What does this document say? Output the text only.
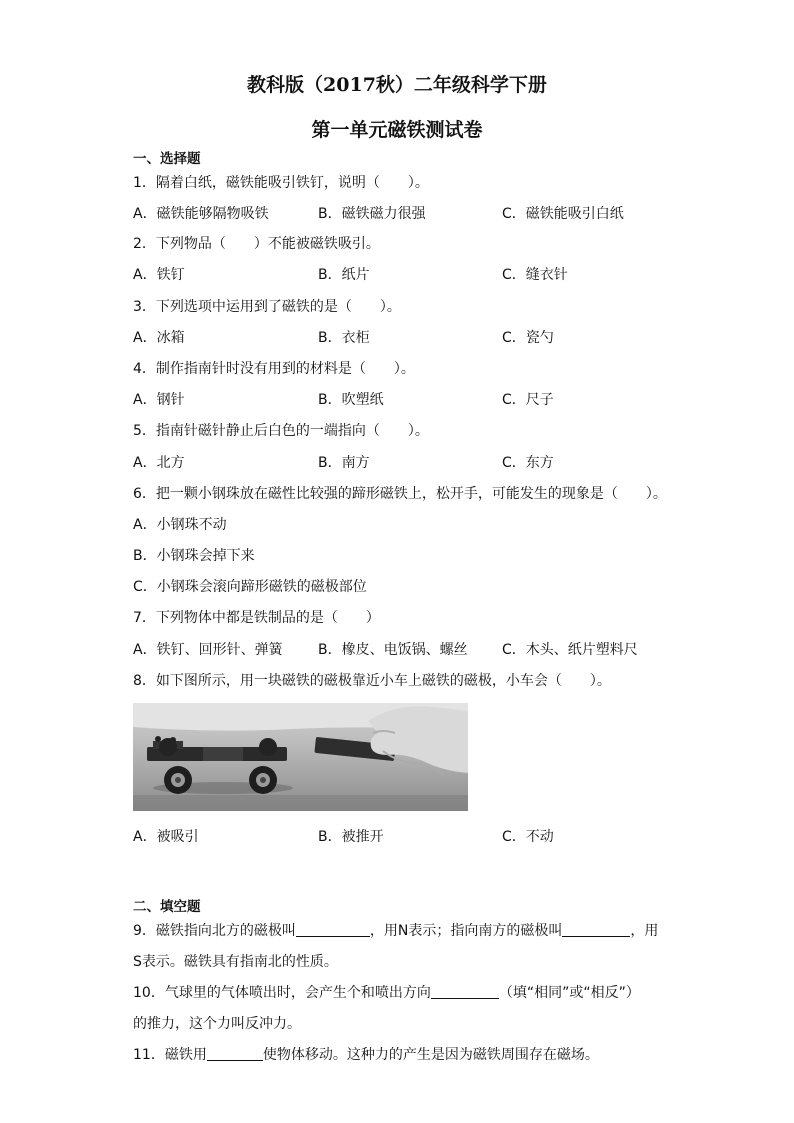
教科版（2017秋）二年级科学下册
第一单元磁铁测试卷
一、选择题
1．隔着白纸，磁铁能吸引铁钉，说明（　　）。
A．磁铁能够隔物吸铁	B．磁铁磁力很强	C．磁铁能吸引白纸
2．下列物品（　　）不能被磁铁吸引。
A．铁钉	B．纸片	C．缝衣针
3．下列选项中运用到了磁铁的是（　　）。
A．冰箱	B．衣柜	C．瓷勺
4．制作指南针时没有用到的材料是（　　）。
A．钢针	B．吹塑纸	C．尺子
5．指南针磁针静止后白色的一端指向（　　）。
A．北方	B．南方	C．东方
6．把一颗小钢珠放在磁性比较强的蹄形磁铁上，松开手，可能发生的现象是（　　）。
A．小钢珠不动
B．小钢珠会掉下来
C．小钢珠会滚向蹄形磁铁的磁极部位
7．下列物体中都是铁制品的是（　　）
A．铁钉、回形针、弹簧	B．橡皮、电饭锅、螺丝 C．木头、纸片塑料尺
8．如下图所示，用一块磁铁的磁极靠近小车上磁铁的磁极，小车会（　　）。
A．被吸引	B．被推开	C．不动
二、填空题
9．磁铁指向北方的磁极叫	，用N表示；指向南方的磁极叫	，用
S表示。磁铁具有指南北的性质。
10．气球里的气体喷出时，会产生个和喷出方向	（填“相同”或“相反”）
的推力，这个力叫反冲力。
11．磁铁用	使物体移动。这种力的产生是因为磁铁周围存在磁场。
